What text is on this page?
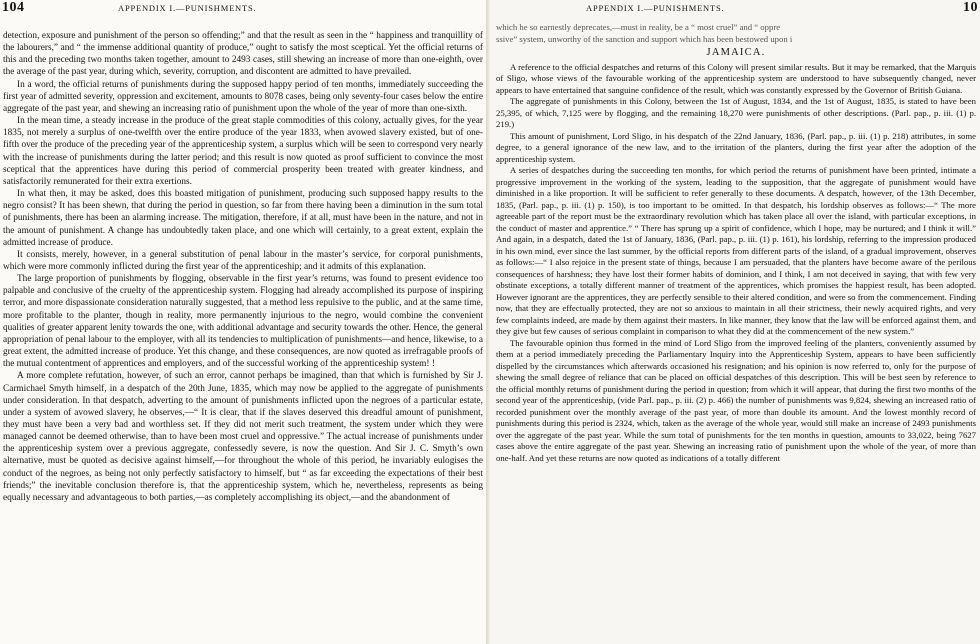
104	APPENDIX I.—PUNISHMENTS.

detection, exposure and punishment of the person so offending;” and that the result as seen in the “ happiness and tranquillity of the labourers,” and “ the immense additional quantity of produce,” ought to satisfy the most sceptical. Yet the official returns of this and the preceding two months taken together, amount to 2493 cases, still shewing an increase of more than one-eighth, over the average of the past year, during which, severity, corruption, and discontent are admitted to have prevailed.

In a word, the official returns of punishments during the supposed happy period of ten months, immediately succeeding the first year of admitted severity, oppression and excitement, amounts to 8078 cases, being only seventy-four cases below the entire aggregate of the past year, and shewing an increasing ratio of punishment upon the whole of the year of more than one-sixth.

In the mean time, a steady increase in the produce of the great staple commodities of this colony, actually gives, for the year 1835, not merely a surplus of one-twelfth over the entire produce of the year 1833, when avowed slavery existed, but of one-fifth over the produce of the preceding year of the apprenticeship system, a surplus which will be seen to correspond very nearly with the increase of punishments during the latter period; and this result is now quoted as proof sufficient to convince the most sceptical that the apprentices have during this period of commercial prosperity been treated with greater kindness, and satisfactorily remunerated for their extra exertions.

In what then, it may be asked, does this boasted mitigation of punishment, producing such supposed happy results to the negro consist? It has been shewn, that during the period in question, so far from there having been a diminution in the sum total of punishments, there has been an alarming increase. The mitigation, therefore, if at all, must have been in the nature, and not in the amount of punishment. A change has undoubtedly taken place, and one which will certainly, to a great extent, explain the admitted increase of produce.

It consists, merely, however, in a general substitution of penal labour in the master’s service, for corporal punishments, which were more commonly inflicted during the first year of the apprenticeship; and it admits of this explanation.

The large proportion of punishments by flogging, observable in the first year’s returns, was found to present evidence too palpable and conclusive of the cruelty of the apprenticeship system. Flogging had already accomplished its purpose of inspiring terror, and more dispassionate consideration naturally suggested, that a method less repulsive to the public, and at the same time, more profitable to the planter, though in reality, more permanently injurious to the negro, would combine the convenient qualities of greater apparent lenity towards the one, with additional advantage and security towards the other. Hence, the general appropriation of penal labour to the employer, with all its tendencies to multiplication of punishments—and hence, likewise, to a great extent, the admitted increase of produce. Yet this change, and these consequences, are now quoted as irrefragable proofs of the mutual contentment of apprentices and employers, and of the successful working of the apprenticeship system! !

A more complete refutation, however, of such an error, cannot perhaps be imagined, than that which is furnished by Sir J. Carmichael Smyth himself, in a despatch of the 20th June, 1835, which may now be applied to the aggregate of punishments under consideration. In that despatch, adverting to the amount of punishments inflicted upon the negroes of a particular estate, under a system of avowed slavery, he observes,—“ It is clear, that if the slaves deserved this dreadful amount of punishment, they must have been a very bad and worthless set. If they did not merit such treatment, the system under which they were managed cannot be deemed otherwise, than to have been most cruel and oppressive.” The actual increase of punishments under the apprenticeship system over a previous aggregate, confessedly severe, is now the question. And Sir J. C. Smyth’s own alternative, must be quoted as decisive against himself,—for throughout the whole of this period, he invariably eulogises the conduct of the negroes, as being not only perfectly satisfactory to himself, but “ as far exceeding the expectations of their best friends;” the inevitable conclusion therefore is, that the apprenticeship system, which he, nevertheless, represents as being equally necessary and advantageous to both parties,—as completely accomplishing its object,—and the abandonment of

APPENDIX I.—PUNISHMENTS.	10

which he so earnestly deprecates,—must in reality, be a “ most cruel” and “ oppre

ssive” system, unworthy of the sanction and support which has been bestowed upon i

JAMAICA.

A reference to the official despatches and returns of this Colony will present similar results. But it may be remarked, that the Marquis of Sligo, whose views of the favourable working of the apprenticeship system are understood to have subsequently changed, never appears to have entertained that sanguine confidence of the result, which was constantly expressed by the Governor of British Guiana.

The aggregate of punishments in this Colony, between the 1st of August, 1834, and the 1st of August, 1835, is stated to have been 25,395, of which, 7,125 were by flogging, and the remaining 18,270 were punishments of other descriptions. (Parl. pap., p. iii. (1) p. 219.)

This amount of punishment, Lord Sligo, in his despatch of the 22nd January, 1836, (Parl. pap., p. iii. (1) p. 218) attributes, in some degree, to a general ignorance of the new law, and to the irritation of the planters, during the first year after the adoption of the apprenticeship system.

A series of despatches during the succeeding ten months, for which period the returns of punishment have been printed, intimate a progressive improvement in the working of the system, leading to the supposition, that the aggregate of punishment would have diminished in a like proportion. It will be sufficient to refer generally to these documents. A despatch, however, of the 13th December, 1835, (Parl. pap., p. iii. (1) p. 150), is too important to be omitted. In that despatch, his lordship observes as follows:—“ The more agreeable part of the report must be the extraordinary revolution which has taken place all over the island, with particular exceptions, in the conduct of master and apprentice.” “ There has sprung up a spirit of confidence, which I hope, may be nurtured; and I think it will.” And again, in a despatch, dated the 1st of January, 1836, (Parl. pap., p. iii. (1) p. 161), his lordship, referring to the impression produced in his own mind, ever since the last summer, by the official reports from different parts of the island, of a gradual improvement, observes as follows:—“ I also rejoice in the present state of things, because I am persuaded, that the planters have become aware of the perilous consequences of harshness; they have lost their former habits of dominion, and I think, I am not deceived in saying, that with few very obstinate exceptions, a totally different manner of treatment of the apprentices, which promises the happiest result, has been adopted. However ignorant are the apprentices, they are perfectly sensible to their altered condition, and were so from the commencement. Finding now, that they are effectually protected, they are not so anxious to maintain in all their strictness, their newly acquired rights, and very few complaints indeed, are made by them against their masters. In like manner, they know that the law will be enforced against them, and they give but few causes of serious complaint in comparison to what they did at the commencement of the new system.”

The favourable opinion thus formed in the mind of Lord Sligo from the improved feeling of the planters, conveniently assumed by them at a period immediately preceding the Parliamentary Inquiry into the Apprenticeship System, appears to have been sufficiently dispelled by the circumstances which afterwards occasioned his resignation; and his opinion is now referred to, only for the purpose of shewing the small degree of reliance that can be placed on official despatches of this description. This will be best seen by reference to the official monthly returns of punishment during the period in question; from which it will appear, that during the first two months of the second year of the apprenticeship, (vide Parl. pap., p. iii. (2) p. 466) the number of punishments was 9,824, shewing an increased ratio of recorded punishment over the monthly average of the past year, of more than double its amount. And the lowest monthly record of punishments during this period is 2324, which, taken as the average of the whole year, would still make an increase of 2493 punishments over the aggregate of the past year. While the sum total of punishments for the ten months in question, amounts to 33,022, being 7627 cases above the entire aggregate of the past year. Shewing an increasing ratio of punishment upon the whole of the year, of more than one-half. And yet these returns are now quoted as indications of a totally different
